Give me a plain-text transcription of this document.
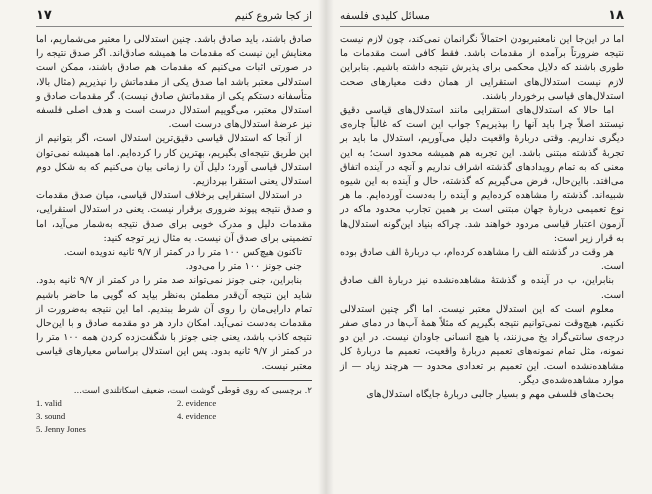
از کجا شروع کنیم
۱۷

صادق باشند، باید صادق باشد. چنین استدلالی را معتبر می‌شماریم، اما معنایش این نیست که مقدمات ما همیشه صادق‌اند. اگر صدق نتیجه را در صورتی اثبات می‌کنیم که مقدمات هم صادق باشند، ممکن است استدلالی معتبر باشد اما صدق یکی از مقدماتش را نپذیریم (مثال بالا، متأسفانه دستکم یکی از مقدماتش صادق نیست). گر مقدمات صادق و استدلال معتبر، می‌گوییم استدلال درست است و هدف اصلی فلسفه نیز عرضهٔ استدلال‌های درست است.

از آنجا که استدلال قیاسی دقیق‌ترین استدلال است، اگر بتوانیم از این طریق نتیجه‌ای بگیریم، بهترین کار را کرده‌ایم. اما همیشه نمی‌توان استدلال قیاسی آورد؛ دلیل آن را زمانی بیان می‌کنیم که به شکل دوم استدلال یعنی استقرا بپردازیم.

در استدلال استقرایی برخلاف استدلال قیاسی، میان صدق مقدمات و صدق نتیجه پیوند ضروری برقرار نیست. یعنی در استدلال استقرایی، مقدمات دلیل و مدرک خوبی برای صدق نتیجه به‌شمار می‌آید، اما تضمینی برای صدق آن نیست. به مثال زیر توجه کنید:

تاکنون هیچ‌کس ۱۰۰ متر را در کمتر از ۹/۷ ثانیه ندویده است.

جنی جونز ۱۰۰ متر را می‌دود.

بنابراین، جنی جونز نمی‌تواند صد متر را در کمتر از ۹/۷ ثانیه بدود. شاید این نتیجه آن‌قدر مطمئن به‌نظر بیاید که گویی ما حاضر باشیم تمام دارایی‌مان را روی آن شرط ببندیم. اما این نتیجه به‌ضرورت از مقدمات به‌دست نمی‌آید. امکان دارد هر دو مقدمه صادق و با این‌حال نتیجه کاذب باشد، یعنی جنی جونز با شگفت‌زده کردن همه ۱۰۰ متر را در کمتر از ۹/۷ ثانیه بدود. پس این استدلال براساس معیارهای قیاسی معتبر نیست.

۲. برچسبی که روی قوطی گوشت است، ضعیف اسکاتلندی است...
1. valid	2. evidence
3. sound	4. evidence
5. Jenny Jones
۱۸
مسائل کلیدی فلسفه

اما در این‌جا این نامعتبربودن احتمالاً نگرانمان نمی‌کند، چون لازم نیست نتیجه ضرورتاً برآمده از مقدمات باشد. فقط کافی است مقدمات ما طوری باشند که دلایل محکمی برای پذیرش نتیجه داشته باشیم. بنابراین لازم نیست استدلال‌های استقرایی از همان دقت معیارهای صحت استدلال‌های قیاسی برخوردار باشند.

اما حالا که استدلال‌های استقرایی مانند استدلال‌های قیاسی دقیق نیستند اصلاً چرا باید آنها را بپذیریم؟ جواب این است که غالباً چاره‌ی دیگری نداریم. وقتی دربارهٔ واقعیت دلیل می‌آوریم، استدلال ما باید بر تجربهٔ گذشته مبتنی باشد. این تجربه هم همیشه محدود است؛ به این معنی که به تمام رویدادهای گذشته اشراف نداریم و آنچه در آینده اتفاق می‌افتد. بااین‌حال، فرض می‌گیریم که گذشته، حال و آینده به این شیوه شبیه‌اند. گذشته را مشاهده کرده‌ایم و آینده را به‌دست آورده‌ایم. ما هر نوع تعمیمی دربارهٔ جهان مبتنی است بر همین تجارب محدود ماکه در آزمون اعتبار قیاسی مردود خواهند شد. چراکه بنیاد این‌گونه استدلال‌ها به قرار زیر است:

هر وقت در گذشته الف را مشاهده کرده‌ام، ب دربارهٔ الف صادق بوده است.

بنابراین، ب در آینده و گذشتهٔ مشاهده‌نشده نیز دربارهٔ الف صادق است.

معلوم است که این استدلال معتبر نیست. اما اگر چنین استدلالی نکنیم، هیچ‌وقت نمی‌توانیم نتیجه بگیریم که مثلاً همهٔ آب‌ها در دمای صفر درجه‌ی سانتی‌گراد یخ می‌زنند، یا هیچ انسانی جاودان نیست. در این دو نمونه، مثل تمام نمونه‌های تعمیم دربارهٔ واقعیت، تعمیم ما دربارهٔ کل مشاهده‌نشده است. این تعمیم بر تعدادی محدود — هرچند زیاد — از موارد مشاهده‌شده‌ی دیگر.

بحث‌های فلسفی مهم و بسیار جالبی دربارهٔ جایگاه استدلال‌های
